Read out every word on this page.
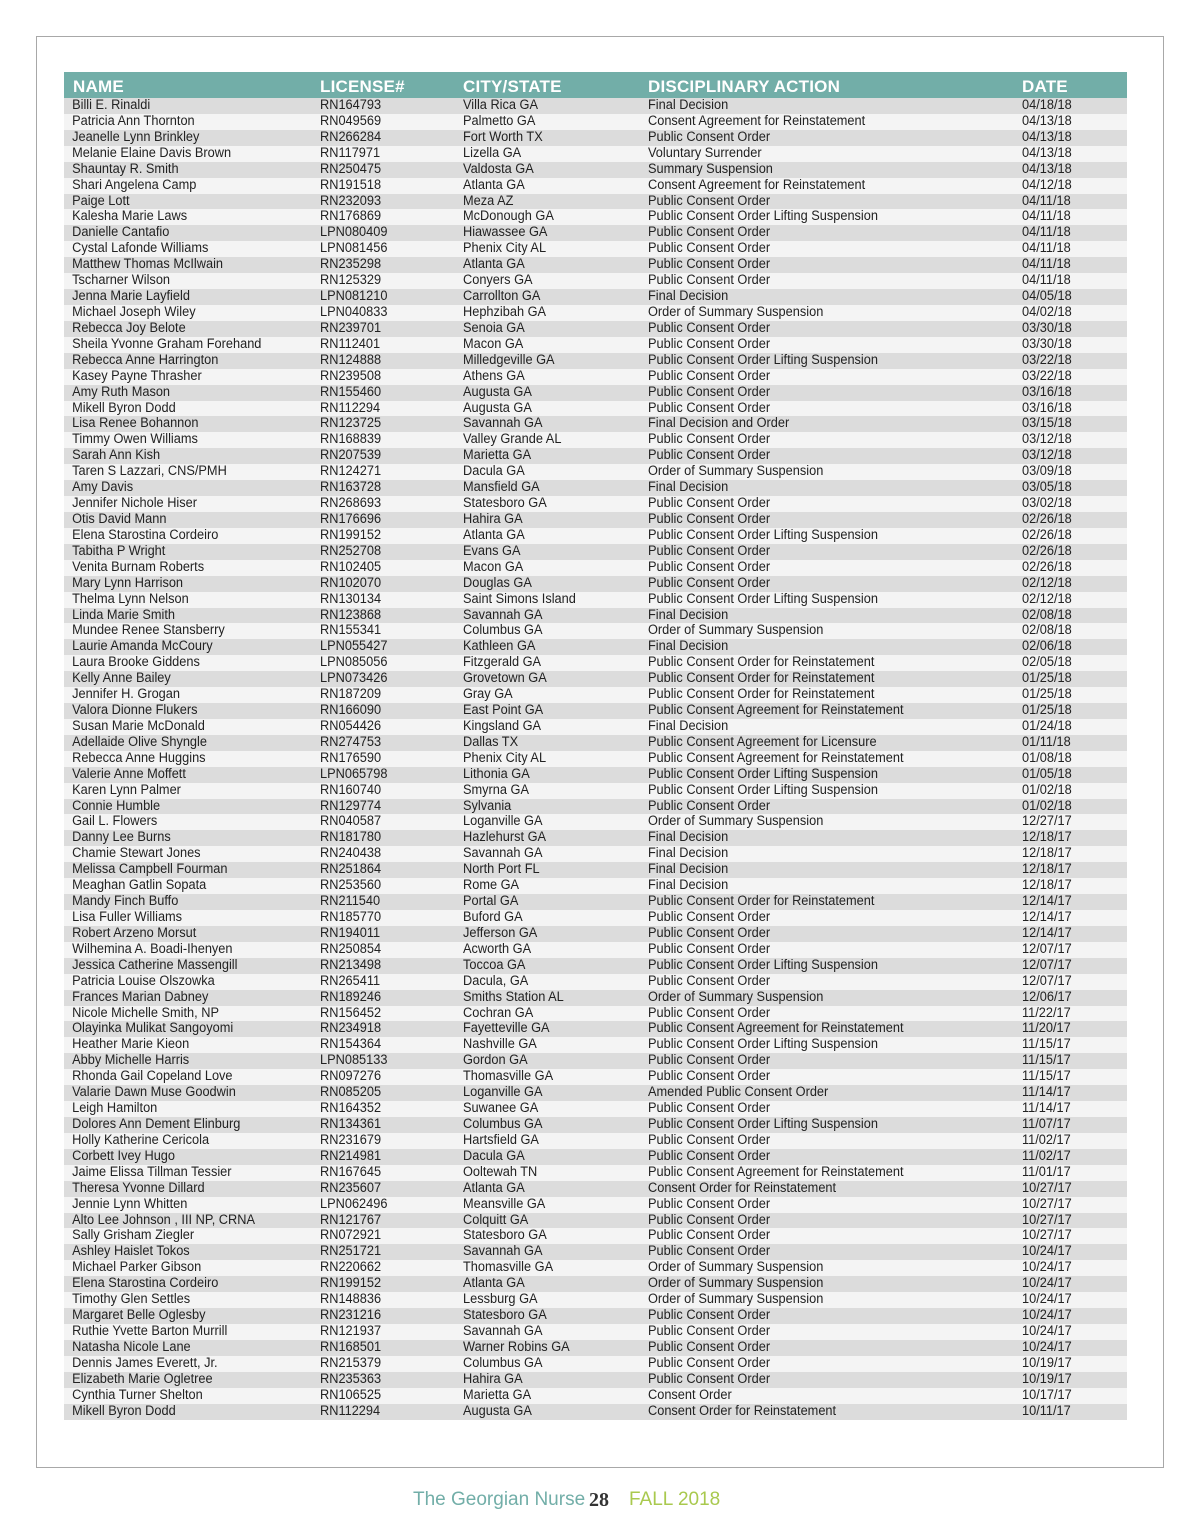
NAME	LICENSE#	CITY/STATE	DISCIPLINARY ACTION	DATE
Billi E. Rinaldi	RN164793	Villa Rica GA	Final Decision	04/18/18
Patricia Ann Thornton	RN049569	Palmetto GA	Consent Agreement for Reinstatement	04/13/18
Jeanelle Lynn Brinkley	RN266284	Fort Worth TX	Public Consent Order	04/13/18
Melanie Elaine Davis Brown	RN117971	Lizella GA	Voluntary Surrender	04/13/18
Shauntay R. Smith	RN250475	Valdosta GA	Summary Suspension	04/13/18
Shari Angelena Camp	RN191518	Atlanta GA	Consent Agreement for Reinstatement	04/12/18
Paige Lott	RN232093	Meza AZ	Public Consent Order	04/11/18
Kalesha Marie Laws	RN176869	McDonough GA	Public Consent Order Lifting Suspension	04/11/18
Danielle Cantafio	LPN080409	Hiawassee GA	Public Consent Order	04/11/18
Cystal Lafonde Williams	LPN081456	Phenix City AL	Public Consent Order	04/11/18
Matthew Thomas McIlwain	RN235298	Atlanta GA	Public Consent Order	04/11/18
Tscharner Wilson	RN125329	Conyers GA	Public Consent Order	04/11/18
Jenna Marie Layfield	LPN081210	Carrollton GA	Final Decision	04/05/18
Michael Joseph Wiley	LPN040833	Hephzibah GA	Order of Summary Suspension	04/02/18
Rebecca Joy Belote	RN239701	Senoia GA	Public Consent Order	03/30/18
Sheila Yvonne Graham Forehand	RN112401	Macon GA	Public Consent Order	03/30/18
Rebecca Anne Harrington	RN124888	Milledgeville GA	Public Consent Order Lifting Suspension	03/22/18
Kasey Payne Thrasher	RN239508	Athens GA	Public Consent Order	03/22/18
Amy Ruth Mason	RN155460	Augusta GA	Public Consent Order	03/16/18
Mikell Byron Dodd	RN112294	Augusta GA	Public Consent Order	03/16/18
Lisa Renee Bohannon	RN123725	Savannah GA	Final Decision and Order	03/15/18
Timmy Owen Williams	RN168839	Valley Grande AL	Public Consent Order	03/12/18
Sarah Ann Kish	RN207539	Marietta GA	Public Consent Order	03/12/18
Taren S Lazzari, CNS/PMH	RN124271	Dacula GA	Order of Summary Suspension	03/09/18
Amy Davis	RN163728	Mansfield GA	Final Decision	03/05/18
Jennifer Nichole Hiser	RN268693	Statesboro GA	Public Consent Order	03/02/18
Otis David Mann	RN176696	Hahira GA	Public Consent Order	02/26/18
Elena Starostina Cordeiro	RN199152	Atlanta GA	Public Consent Order Lifting Suspension	02/26/18
Tabitha P Wright	RN252708	Evans GA	Public Consent Order	02/26/18
Venita Burnam Roberts	RN102405	Macon GA	Public Consent Order	02/26/18
Mary Lynn Harrison	RN102070	Douglas GA	Public Consent Order	02/12/18
Thelma Lynn Nelson	RN130134	Saint Simons Island	Public Consent Order Lifting Suspension	02/12/18
Linda Marie Smith	RN123868	Savannah GA	Final Decision	02/08/18
Mundee Renee Stansberry	RN155341	Columbus GA	Order of Summary Suspension	02/08/18
Laurie Amanda McCoury	LPN055427	Kathleen GA	Final Decision	02/06/18
Laura Brooke Giddens	LPN085056	Fitzgerald GA	Public Consent Order for Reinstatement	02/05/18
Kelly Anne Bailey	LPN073426	Grovetown GA	Public Consent Order for Reinstatement	01/25/18
Jennifer H. Grogan	RN187209	Gray GA	Public Consent Order for Reinstatement	01/25/18
Valora Dionne Flukers	RN166090	East Point GA	Public Consent Agreement for Reinstatement	01/25/18
Susan Marie McDonald	RN054426	Kingsland GA	Final Decision	01/24/18
Adellaide Olive Shyngle	RN274753	Dallas TX	Public Consent Agreement for Licensure	01/11/18
Rebecca Anne Huggins	RN176590	Phenix City AL	Public Consent Agreement for Reinstatement	01/08/18
Valerie Anne Moffett	LPN065798	Lithonia GA	Public Consent Order Lifting Suspension	01/05/18
Karen Lynn Palmer	RN160740	Smyrna GA	Public Consent Order Lifting Suspension	01/02/18
Connie Humble	RN129774	Sylvania	Public Consent Order	01/02/18
Gail L. Flowers	RN040587	Loganville GA	Order of Summary Suspension	12/27/17
Danny Lee Burns	RN181780	Hazlehurst GA	Final Decision	12/18/17
Chamie Stewart Jones	RN240438	Savannah GA	Final Decision	12/18/17
Melissa Campbell Fourman	RN251864	North Port FL	Final Decision	12/18/17
Meaghan Gatlin Sopata	RN253560	Rome GA	Final Decision	12/18/17
Mandy Finch Buffo	RN211540	Portal GA	Public Consent Order for Reinstatement	12/14/17
Lisa Fuller Williams	RN185770	Buford GA	Public Consent Order	12/14/17
Robert Arzeno Morsut	RN194011	Jefferson GA	Public Consent Order	12/14/17
Wilhemina A. Boadi-Ihenyen	RN250854	Acworth GA	Public Consent Order	12/07/17
Jessica Catherine Massengill	RN213498	Toccoa GA	Public Consent Order Lifting Suspension	12/07/17
Patricia Louise Olszowka	RN265411	Dacula, GA	Public Consent Order	12/07/17
Frances Marian Dabney	RN189246	Smiths Station AL	Order of Summary Suspension	12/06/17
Nicole Michelle Smith, NP	RN156452	Cochran GA	Public Consent Order	11/22/17
Olayinka Mulikat Sangoyomi	RN234918	Fayetteville GA	Public Consent Agreement for Reinstatement	11/20/17
Heather Marie Kieon	RN154364	Nashville GA	Public Consent Order Lifting Suspension	11/15/17
Abby Michelle Harris	LPN085133	Gordon GA	Public Consent Order	11/15/17
Rhonda Gail Copeland Love	RN097276	Thomasville GA	Public Consent Order	11/15/17
Valarie Dawn Muse Goodwin	RN085205	Loganville GA	Amended Public Consent Order	11/14/17
Leigh Hamilton	RN164352	Suwanee GA	Public Consent Order	11/14/17
Dolores Ann Dement Elinburg	RN134361	Columbus GA	Public Consent Order Lifting Suspension	11/07/17
Holly Katherine Cericola	RN231679	Hartsfield GA	Public Consent Order	11/02/17
Corbett Ivey Hugo	RN214981	Dacula GA	Public Consent Order	11/02/17
Jaime Elissa Tillman Tessier	RN167645	Ooltewah TN	Public Consent Agreement for Reinstatement	11/01/17
Theresa Yvonne Dillard	RN235607	Atlanta GA	Consent Order for Reinstatement	10/27/17
Jennie Lynn Whitten	LPN062496	Meansville GA	Public Consent Order	10/27/17
Alto Lee Johnson , III NP, CRNA	RN121767	Colquitt GA	Public Consent Order	10/27/17
Sally Grisham Ziegler	RN072921	Statesboro GA	Public Consent Order	10/27/17
Ashley Haislet Tokos	RN251721	Savannah GA	Public Consent Order	10/24/17
Michael Parker Gibson	RN220662	Thomasville GA	Order of Summary Suspension	10/24/17
Elena Starostina Cordeiro	RN199152	Atlanta GA	Order of Summary Suspension	10/24/17
Timothy Glen Settles	RN148836	Lessburg GA	Order of Summary Suspension	10/24/17
Margaret Belle Oglesby	RN231216	Statesboro GA	Public Consent Order	10/24/17
Ruthie Yvette Barton Murrill	RN121937	Savannah GA	Public Consent Order	10/24/17
Natasha Nicole Lane	RN168501	Warner Robins GA	Public Consent Order	10/24/17
Dennis James Everett, Jr.	RN215379	Columbus GA	Public Consent Order	10/19/17
Elizabeth Marie Ogletree	RN235363	Hahira GA	Public Consent Order	10/19/17
Cynthia Turner Shelton	RN106525	Marietta GA	Consent Order	10/17/17
Mikell Byron Dodd	RN112294	Augusta GA	Consent Order for Reinstatement	10/11/17
The Georgian Nurse 28 FALL 2018
